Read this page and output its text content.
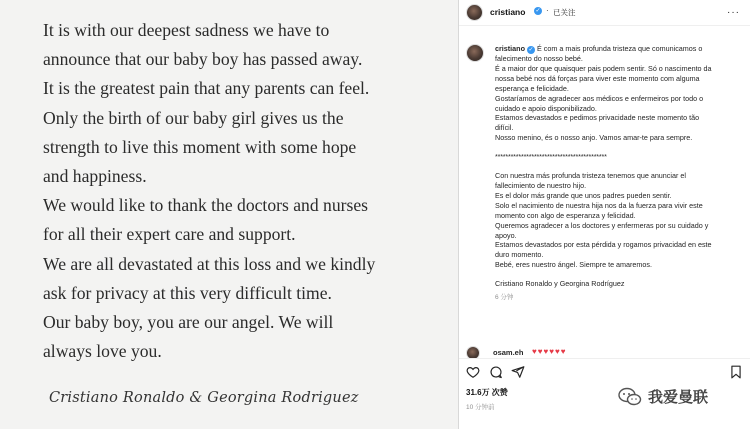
It is with our deepest sadness we have to
announce that our baby boy has passed away.
It is the greatest pain that any parents can feel.
Only the birth of our baby girl gives us the
strength to live this moment with some hope
and happiness.
We would like to thank the doctors and nurses
for all their expert care and support.
We are all devastated at this loss and we kindly
ask for privacy at this very difficult time.
Our baby boy, you are our angel. We will
always love you.
Cristiano Ronaldo & Georgina Rodriguez
cristiano ✓ · 已关注	···

cristiano ✓ É com a mais profunda tristeza que comunicamos o

falecimento do nosso bebé.

É a maior dor que quaisquer pais podem sentir. Só o nascimento da

nossa bebé nos dá forças para viver este momento com alguma

esperança e felicidade.

Gostaríamos de agradecer aos médicos e enfermeiros por todo o

cuidado e apoio disponibilizado.

Estamos devastados e pedimos privacidade neste momento tão

difícil.

Nosso menino, és o nosso anjo. Vamos amar-te para sempre.

*******************************************

Con nuestra más profunda tristeza tenemos que anunciar el

fallecimiento de nuestro hijo.

Es el dolor más grande que unos padres pueden sentir.

Solo el nacimiento de nuestra hija nos da la fuerza para vivir este

momento con algo de esperanza y felicidad.

Queremos agradecer a los doctores y enfermeras por su cuidado y

apoyo.

Estamos devastados por esta pérdida y rogamos privacidad en este

duro momento.

Bebé, eres nuestro ángel. Siempre te amaremos.

Cristiano Ronaldo y Georgina Rodríguez

6 分钟

osam.eh ♥♥♥♥♥♥
31.6万 次赞
10 分钟前
我爱曼联
